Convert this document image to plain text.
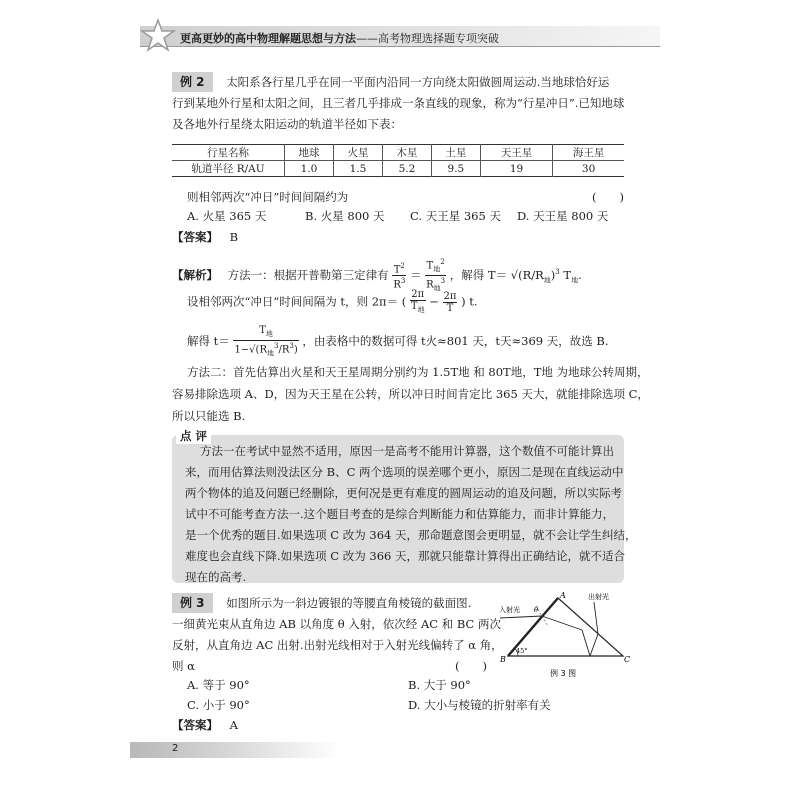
更高更妙的高中物理解题思想与方法——高考物理选择题专项突破
例 2 太阳系各行星几乎在同一平面内沿同一方向绕太阳做圆周运动.当地球恰好运
行到某地外行星和太阳之间，且三者几乎排成一条直线的现象，称为“行星冲日”.已知地球
及各地外行星绕太阳运动的轨道半径如下表：
行星名称	地球	火星	木星	土星	天王星	海王星
轨道半径 R/AU	1.0	1.5	5.2	9.5	19	30
则相邻两次“冲日”时间间隔约为	(　　)
A. 火星 365 天	B. 火星 800 天 C. 天王星 365 天 D. 天王星 800 天
【答案】 B
【解析】 方法一：根据开普勒第三定律有 $\frac{T^2}{R^3} = \frac{T_地^2}{R_地^3}$ ，解得 $T= √(R/R_地)^3$ $T_地$.
设相邻两次“冲日”时间间隔为 t，则 2π＝ ( $\frac{2\pi}{T_地} - \frac{2\pi}{T}$ ) t.
解得 $t= \frac{T_地}{1-√(R_地^3/R^3)}$ ，由表格中的数据可得 t火≈801 天，t天≈369 天，故选 B.
方法二：首先估算出火星和天王星周期分别约为 1.5T地 和 80T地，T地 为地球公转周期，
容易排除选项 A、D，因为天王星在公转，所以冲日时间肯定比 365 天大，就能排除选项 C，
所以只能选 B.
点 评
方法一在考试中显然不适用，原因一是高考不能用计算器，这个数值不可能计算出
来，而用估算法则没法区分 B、C 两个选项的误差哪个更小，原因二是现在直线运动中
两个物体的追及问题已经删除，更何况是更有难度的圆周运动的追及问题，所以实际考
试中不可能考查方法一.这个题目考查的是综合判断能力和估算能力，而非计算能力，
是一个优秀的题目.如果选项 C 改为 364 天，那命题意图会更明显，就不会让学生纠结，
难度也会直线下降.如果选项 C 改为 366 天，那就只能靠计算得出正确结论，就不适合
现在的高考.
例 3 如图所示为一斜边镀银的等腰直角棱镜的截面图.
一细黄光束从直角边 AB 以角度 θ 入射，依次经 AC 和 BC 两次
反射，从直角边 AC 出射.出射光线相对于入射光线偏转了 α 角，
则 α	(　　)
A. 等于 90°	B. 大于 90°
C. 小于 90°	D. 大小与棱镜的折射率有关
【答案】 A
入射光
出射光
A
B	C
θ
45°
例 3 图
2
